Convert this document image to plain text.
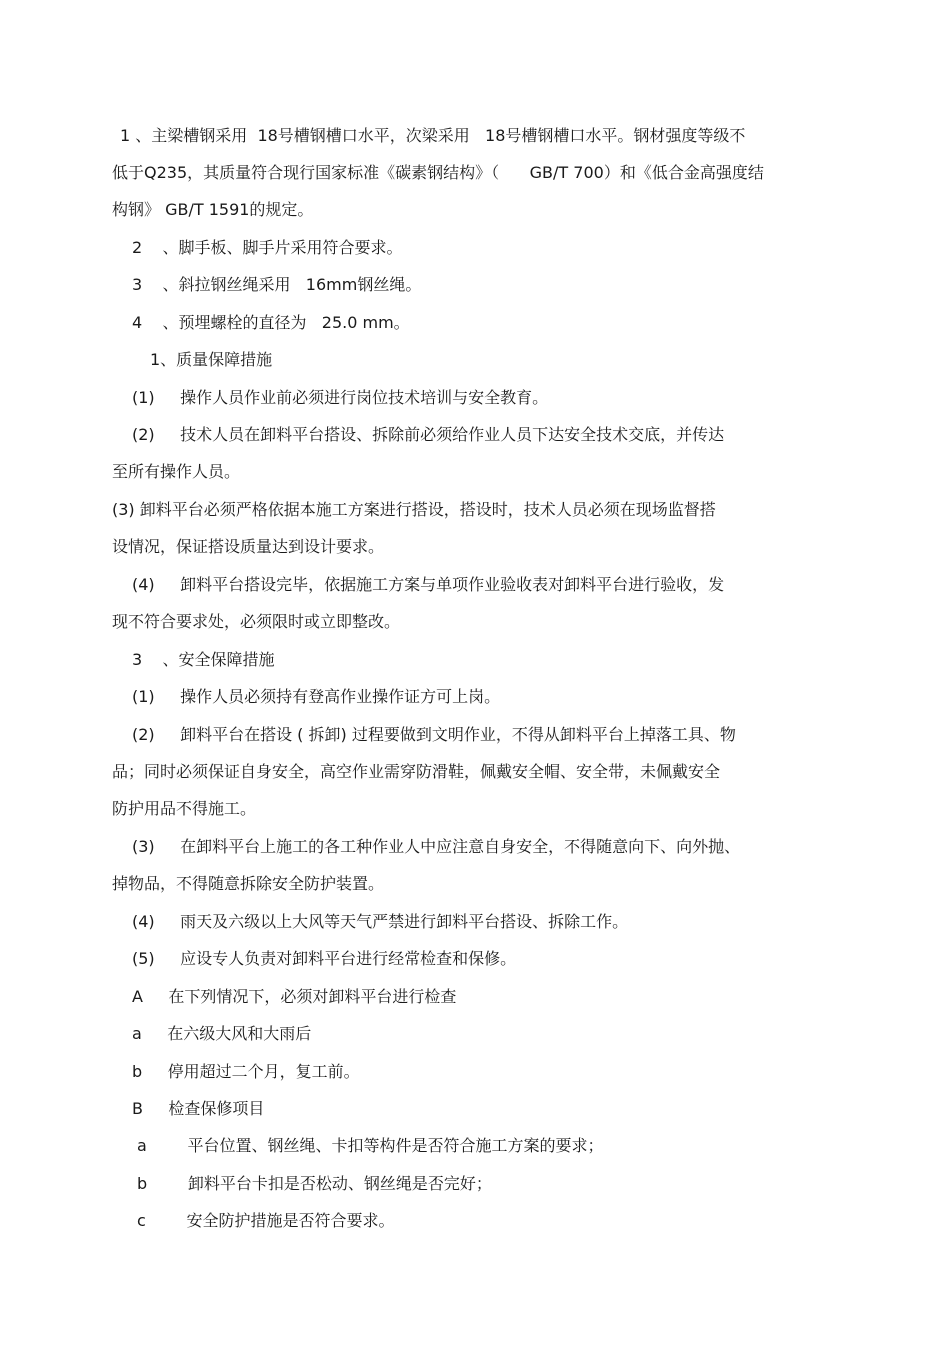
1 、主梁槽钢采用  18号槽钢槽口水平，次梁采用   18号槽钢槽口水平。钢材强度等级不
低于Q235，其质量符合现行国家标准《碳素钢结构》（      GB/T 700）和《低合金高强度结
构钢》 GB/T 1591的规定。
2    、脚手板、脚手片采用符合要求。
3    、斜拉钢丝绳采用   16mm钢丝绳。
4    、预埋螺栓的直径为   25.0 mm。
1、质量保障措施
(1)     操作人员作业前必须进行岗位技术培训与安全教育。
(2)     技术人员在卸料平台搭设、拆除前必须给作业人员下达安全技术交底，并传达
至所有操作人员。
(3) 卸料平台必须严格依据本施工方案进行搭设，搭设时，技术人员必须在现场监督搭
设情况，保证搭设质量达到设计要求。
(4)     卸料平台搭设完毕，依据施工方案与单项作业验收表对卸料平台进行验收，发
现不符合要求处，必须限时或立即整改。
3    、安全保障措施
(1)     操作人员必须持有登高作业操作证方可上岗。
(2)     卸料平台在搭设 ( 拆卸) 过程要做到文明作业，不得从卸料平台上掉落工具、物
品；同时必须保证自身安全，高空作业需穿防滑鞋，佩戴安全帽、安全带，未佩戴安全
防护用品不得施工。
(3)     在卸料平台上施工的各工种作业人中应注意自身安全，不得随意向下、向外抛、
掉物品，不得随意拆除安全防护装置。
(4)     雨天及六级以上大风等天气严禁进行卸料平台搭设、拆除工作。
(5)     应设专人负责对卸料平台进行经常检查和保修。
A     在下列情况下，必须对卸料平台进行检查
a     在六级大风和大雨后
b     停用超过二个月，复工前。
B     检查保修项目
a        平台位置、钢丝绳、卡扣等构件是否符合施工方案的要求；
b        卸料平台卡扣是否松动、钢丝绳是否完好；
c        安全防护措施是否符合要求。
